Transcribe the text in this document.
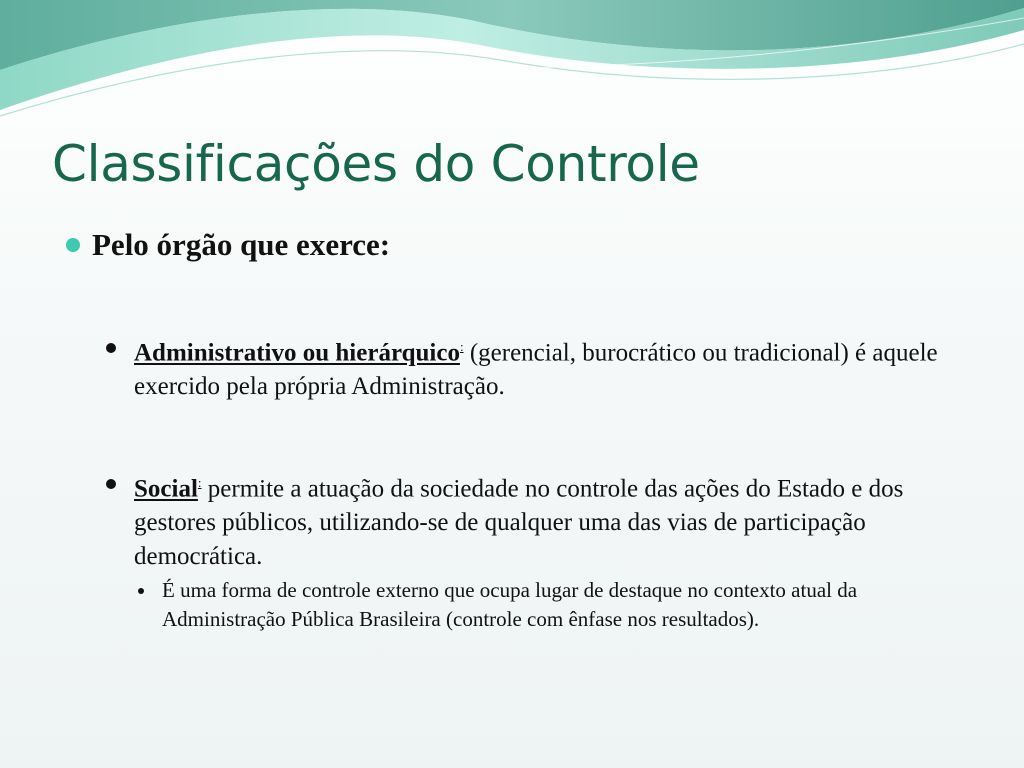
Classificações do Controle
Pelo órgão que exerce:
Administrativo ou hierárquico: (gerencial, burocrático ou tradicional) é aquele exercido pela própria Administração.
Social: permite a atuação da sociedade no controle das ações do Estado e dos gestores públicos, utilizando-se de qualquer uma das vias de participação democrática.
É uma forma de controle externo que ocupa lugar de destaque no contexto atual da Administração Pública Brasileira (controle com ênfase nos resultados).
